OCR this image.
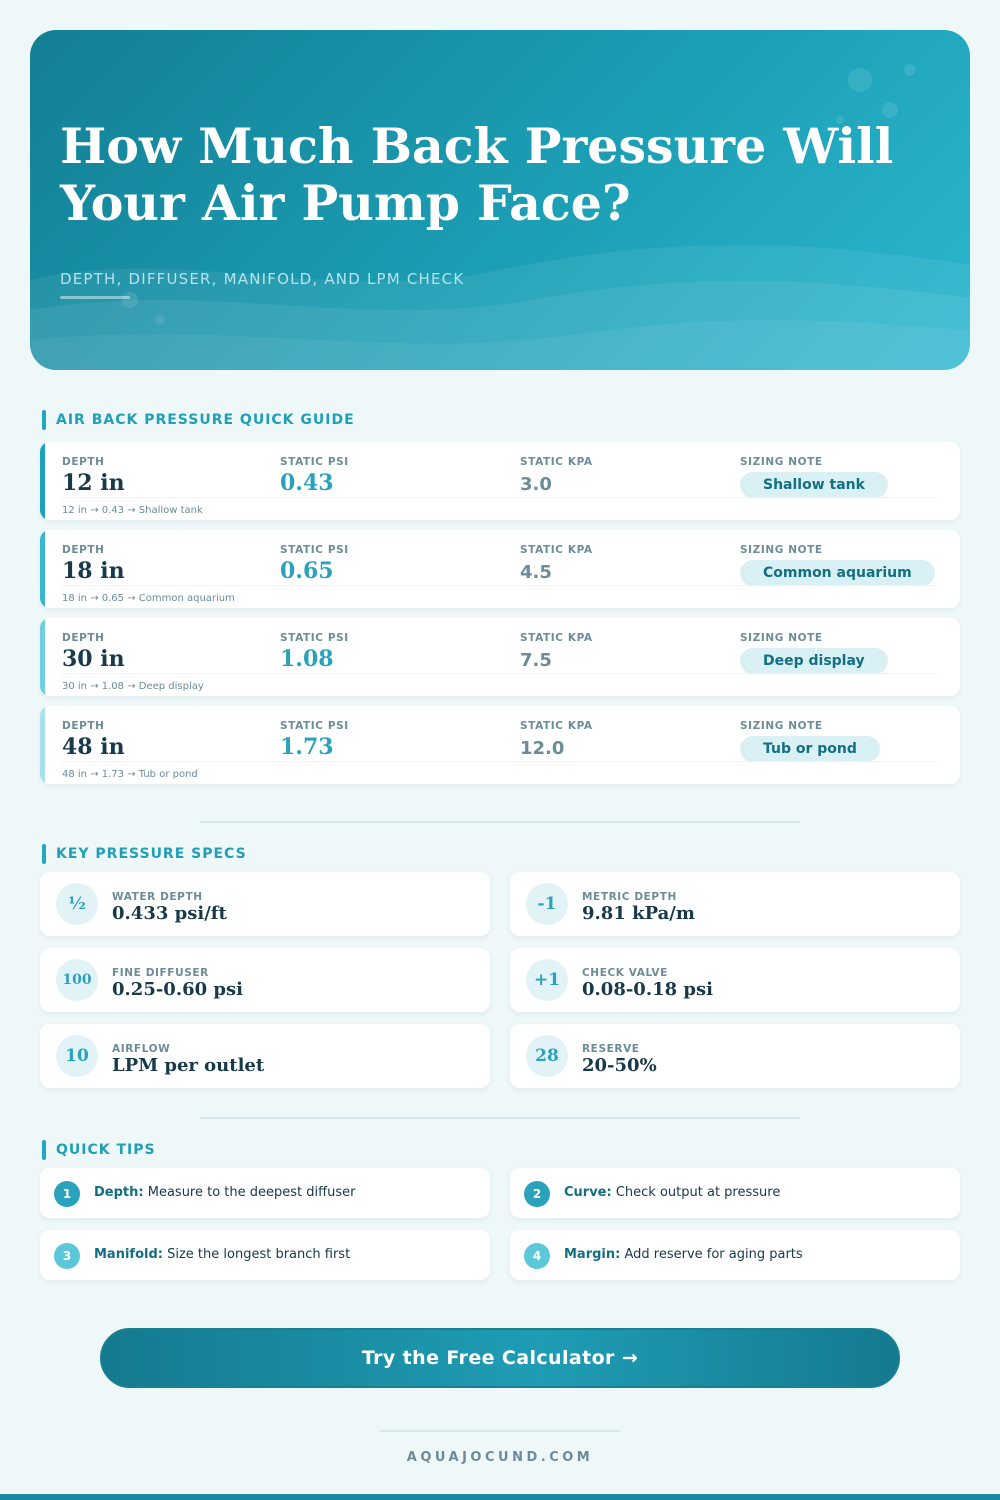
How Much Back Pressure Will
Your Air Pump Face?
DEPTH, DIFFUSER, MANIFOLD, AND LPM CHECK
AIR BACK PRESSURE QUICK GUIDE
DEPTH
12 in
STATIC PSI
0.43
STATIC KPA
3.0
SIZING NOTE
Shallow tank
12 in → 0.43 → Shallow tank
DEPTH
18 in
STATIC PSI
0.65
STATIC KPA
4.5
SIZING NOTE
Common aquarium
18 in → 0.65 → Common aquarium
DEPTH
30 in
STATIC PSI
1.08
STATIC KPA
7.5
SIZING NOTE
Deep display
30 in → 1.08 → Deep display
DEPTH
48 in
STATIC PSI
1.73
STATIC KPA
12.0
SIZING NOTE
Tub or pond
48 in → 1.73 → Tub or pond
KEY PRESSURE SPECS
½	WATER DEPTH
0.433 psi/ft	-1	METRIC DEPTH
9.81 kPa/m
100	FINE DIFFUSER
0.25-0.60 psi	+1	CHECK VALVE
0.08-0.18 psi
10	AIRFLOW
LPM per outlet	28	RESERVE
20-50%
QUICK TIPS
1	Depth: Measure to the deepest diffuser	2	Curve: Check output at pressure
3	Manifold: Size the longest branch first	4	Margin: Add reserve for aging parts
Try the Free Calculator →
AQUAJOCUND.COM
